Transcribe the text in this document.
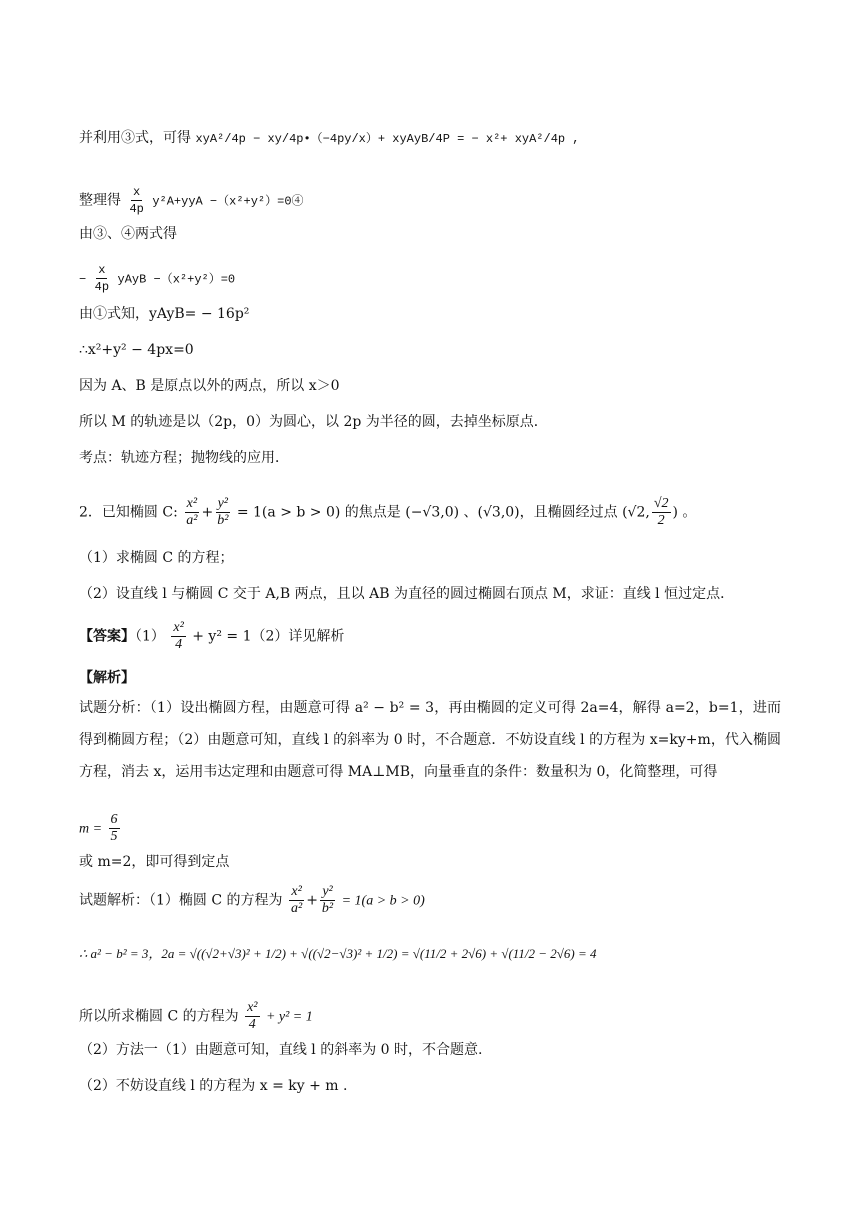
并利用③式，可得 xyA²/4p − xy/4p•（−4py/x）+ xyAyB/4P = − x²+ xyA²/4p ,
整理得 $\frac{x}{4p} y^2A+yyA$ −（x²+y²）=0④
由③、④两式得
− $\frac{x}{4p}$ yAyB −（x²+y²）=0
由①式知，yAyB= − 16p²
∴x²+y² − 4px=0
因为 A、B 是原点以外的两点，所以 x＞0
所以 M 的轨迹是以（2p，0）为圆心，以 2p 为半径的圆，去掉坐标原点．
考点：轨迹方程；抛物线的应用．
2．已知椭圆 C: $\frac{\text{x²}}{\text{a²}} + \frac{\text{y²}}{\text{b²}} = 1(a > b > 0)$ 的焦点是 (−√3,0) 、(√3,0)，且椭圆经过点 (√2, $\frac{√2}{2}$ ) 。
（1）求椭圆 C 的方程；
（2）设直线 l 与椭圆 C 交于 A,B 两点，且以 AB 为直径的圆过椭圆右顶点 M，求证：直线 l 恒过定点．
【答案】$(1) \frac{\text{x²}}{4} + y^2 = 1(2)$详见解析
【解析】
试题分析：（1）设出椭圆方程，由题意可得 a² − b² = 3，再由椭圆的定义可得 2a=4，解得 a=2，b=1，进而得到椭圆方程；（2）由题意可知，直线 l 的斜率为 0 时，不合题意．不妨设直线 l 的方程为 x=ky+m，代入椭圆方程，消去 x，运用韦达定理和由题意可得 MA⊥MB，向量垂直的条件：数量积为 0，化简整理，可得
$m = \frac{6}{5}$
或 m=2，即可得到定点
试题解析：（1）椭圆 C 的方程为 $\frac{\text{x²}}{\text{a²}} + \frac{\text{y²}}{\text{b²}} = 1(a > b > 0)$
∴ a² − b² = 3，2a = √((√2+√3)² + 1/2) + √((√2−√3)² + 1/2) = √(11/2 + 2√6) + √(11/2 − 2√6) = 4
所以所求椭圆 C 的方程为 $\frac{\text{x²}}{4} + y^2 = 1$
（2）方法一（1）由题意可知，直线 l 的斜率为 0 时，不合题意.
（2）不妨设直线 l 的方程为 x = ky + m .
